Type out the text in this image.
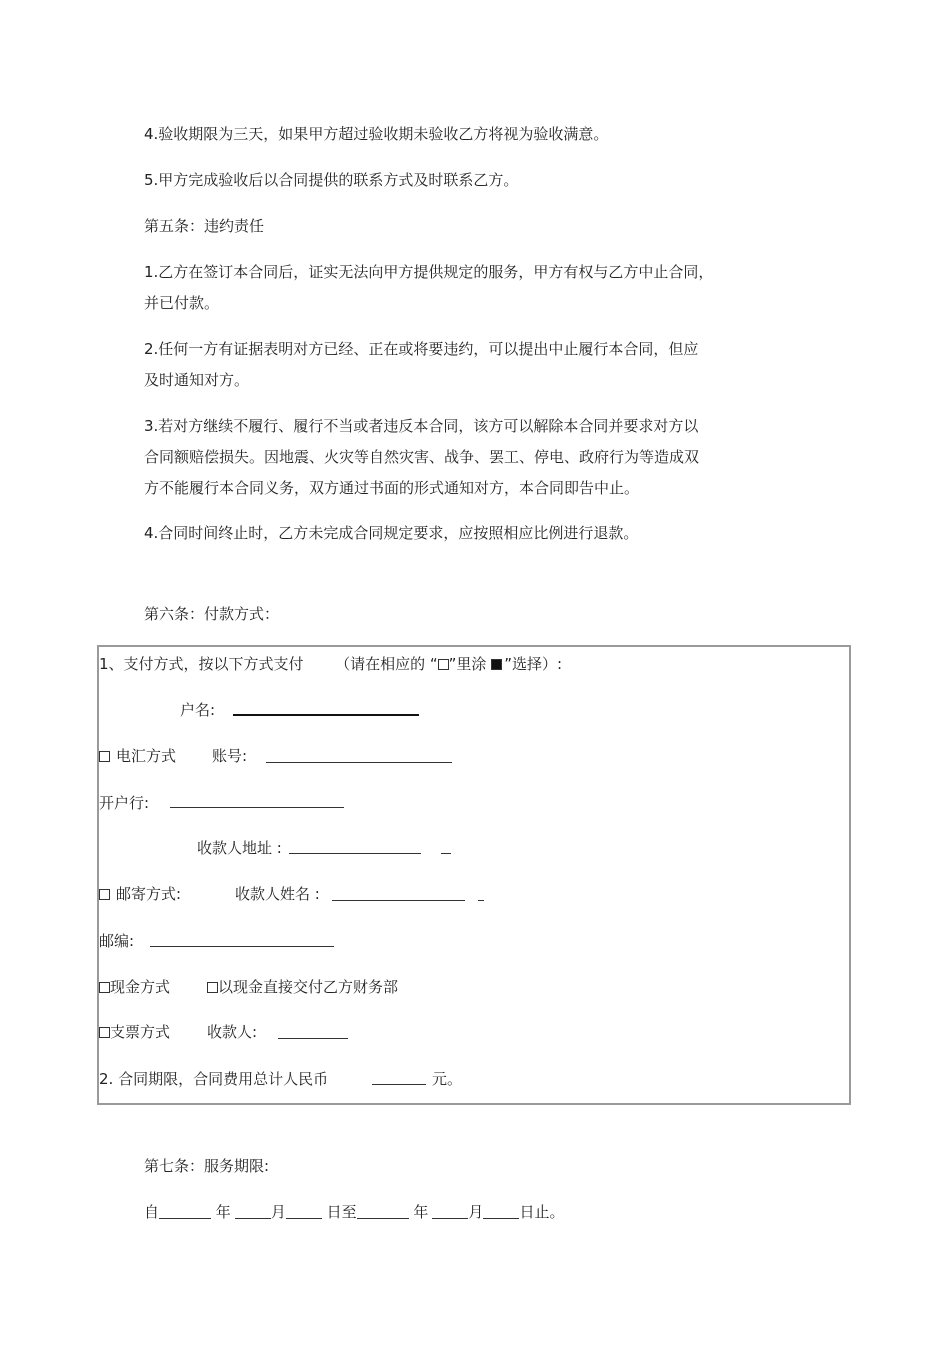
4.验收期限为三天，如果甲方超过验收期未验收乙方将视为验收满意。
5.甲方完成验收后以合同提供的联系方式及时联系乙方。
第五条：违约责任
1.乙方在签订本合同后，证实无法向甲方提供规定的服务，甲方有权与乙方中止合同，
并已付款。
2.任何一方有证据表明对方已经、正在或将要违约，可以提出中止履行本合同，但应
及时通知对方。
3.若对方继续不履行、履行不当或者违反本合同，该方可以解除本合同并要求对方以
合同额赔偿损失。因地震、火灾等自然灾害、战争、罢工、停电、政府行为等造成双
方不能履行本合同义务，双方通过书面的形式通知对方，本合同即告中止。
4.合同时间终止时，乙方未完成合同规定要求，应按照相应比例进行退款。
第六条：付款方式：
1、支付方式，按以下方式支付 （请在相应的 “ ”里涂 ”选择）:
户名:
电汇方式 账号:
开户行:
收款人地址 :
邮寄方式:	收款人姓名 :
邮编:
现金方式	以现金直接交付乙方财务部
支票方式 收款人:
2. 合同期限，合同费用总计人民币	元。
第七条：服务期限:
自	年	月	日至	年	月 日止。
